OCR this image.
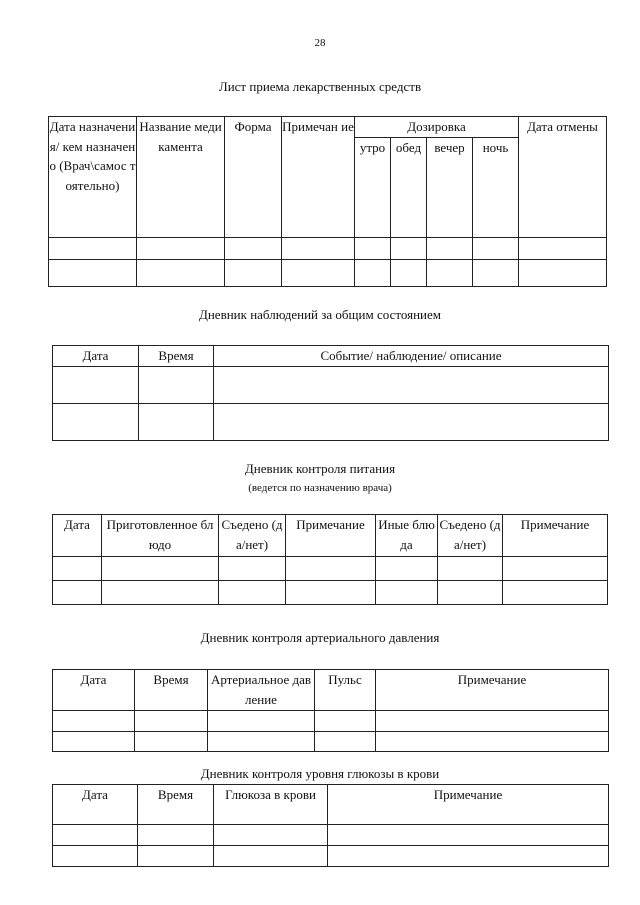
28
Лист приема лекарственных средств
Дата назначения/ кем назначено (Врач\самос тоятельно)	Название медикамента	Форма	Примечан ие	Дозировка				Дата отмены
				утро	обед	вечер	ночь	

Дневник наблюдений за общим состоянием
Дата	Время	Событие/ наблюдение/ описание

Дневник контроля питания
(ведется по назначению врача)
Дата	Приготовленное блюдо	Съедено (да/нет)	Примечание	Иные блюда	Съедено (да/нет)	Примечание

Дневник контроля артериального давления
Дата	Время	Артериальное давление	Пульс	Примечание

Дневник контроля уровня глюкозы в крови
Дата	Время	Глюкоза в крови	Примечание
